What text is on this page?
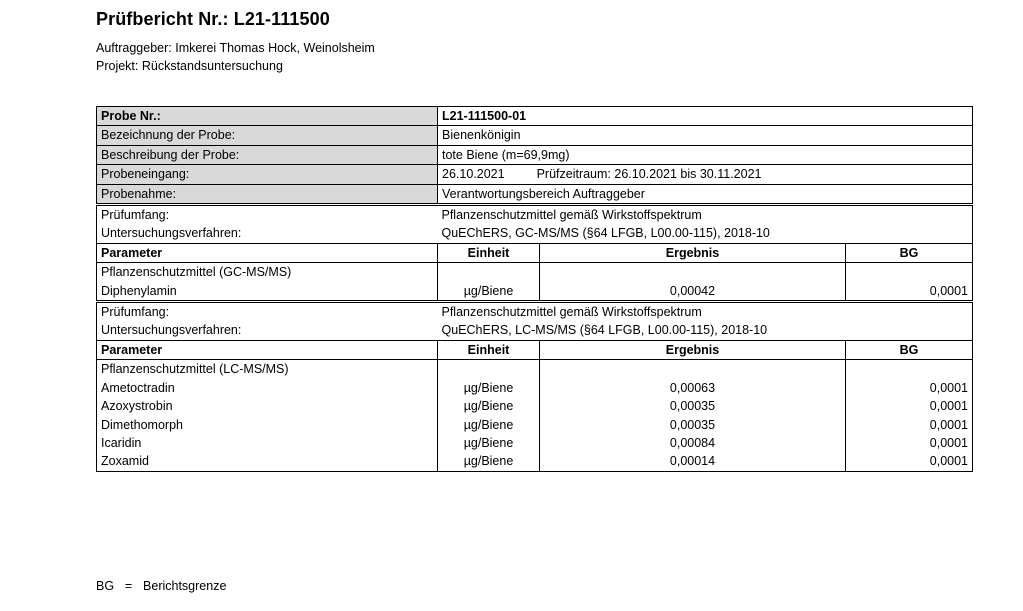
Prüfbericht Nr.: L21-111500
Auftraggeber: Imkerei Thomas Hock, Weinolsheim
Projekt: Rückstandsuntersuchung
Probe Nr.:	L21-111500-01		
Bezeichnung der Probe:	Bienenkönigin		
Beschreibung der Probe:	tote Biene (m=69,9mg)		
Probeneingang:	26.10.2021 Prüfzeitraum: 26.10.2021 bis 30.11.2021		
Probenahme:	Verantwortungsbereich Auftraggeber		
Prüfumfang:	Pflanzenschutzmittel gemäß Wirkstoffspektrum		
Untersuchungsverfahren:	QuEChERS, GC-MS/MS (§64 LFGB, L00.00-115), 2018-10		
Parameter	Einheit	Ergebnis	BG
Pflanzenschutzmittel (GC-MS/MS)			
Diphenylamin	µg/Biene	0,00042	0,0001
Prüfumfang:	Pflanzenschutzmittel gemäß Wirkstoffspektrum		
Untersuchungsverfahren:	QuEChERS, LC-MS/MS (§64 LFGB, L00.00-115), 2018-10		
Parameter	Einheit	Ergebnis	BG
Pflanzenschutzmittel (LC-MS/MS)			
Ametoctradin	µg/Biene	0,00063	0,0001
Azoxystrobin	µg/Biene	0,00035	0,0001
Dimethomorph	µg/Biene	0,00035	0,0001
Icaridin	µg/Biene	0,00084	0,0001
Zoxamid	µg/Biene	0,00014	0,0001
BG = Berichtsgrenze
